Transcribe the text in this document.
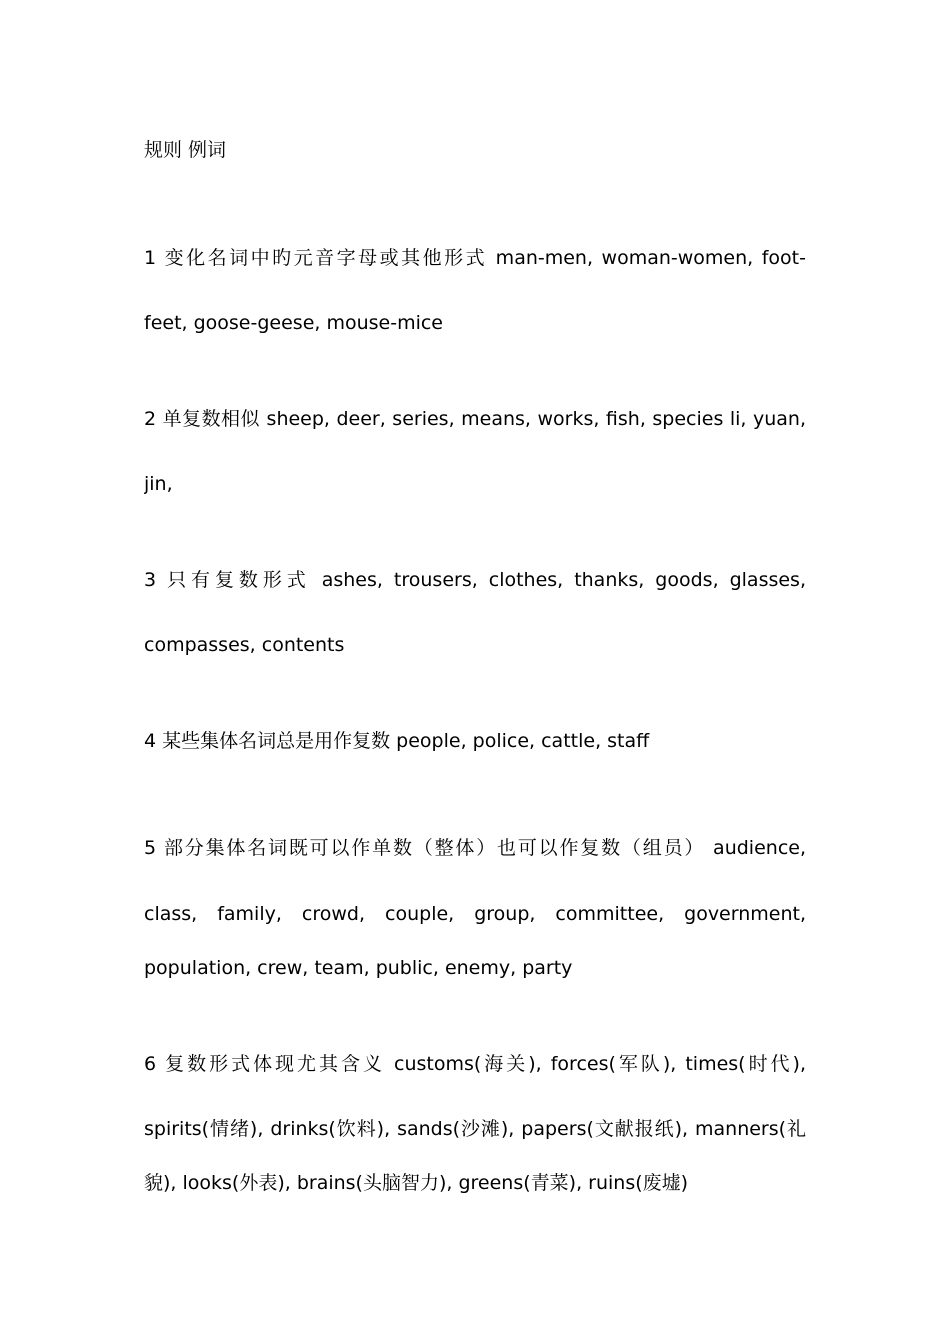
规则 例词
1 变化名词中旳元音字母或其他形式 man-men, woman-women, foot-
feet, goose-geese, mouse-mice
2 单复数相似 sheep, deer, series, means, works, fish, species li, yuan,
jin,
3 只有复数形式 ashes, trousers, clothes, thanks, goods, glasses,
compasses, contents
4 某些集体名词总是用作复数 people, police, cattle, staff
5 部分集体名词既可以作单数（整体）也可以作复数（组员） audience,
class, family, crowd, couple, group, committee, government,
population, crew, team, public, enemy, party
6 复数形式体现尤其含义 customs(海关), forces(军队), times(时代),
spirits(情绪), drinks(饮料), sands(沙滩), papers(文献报纸), manners(礼
貌), looks(外表), brains(头脑智力), greens(青菜), ruins(废墟)
